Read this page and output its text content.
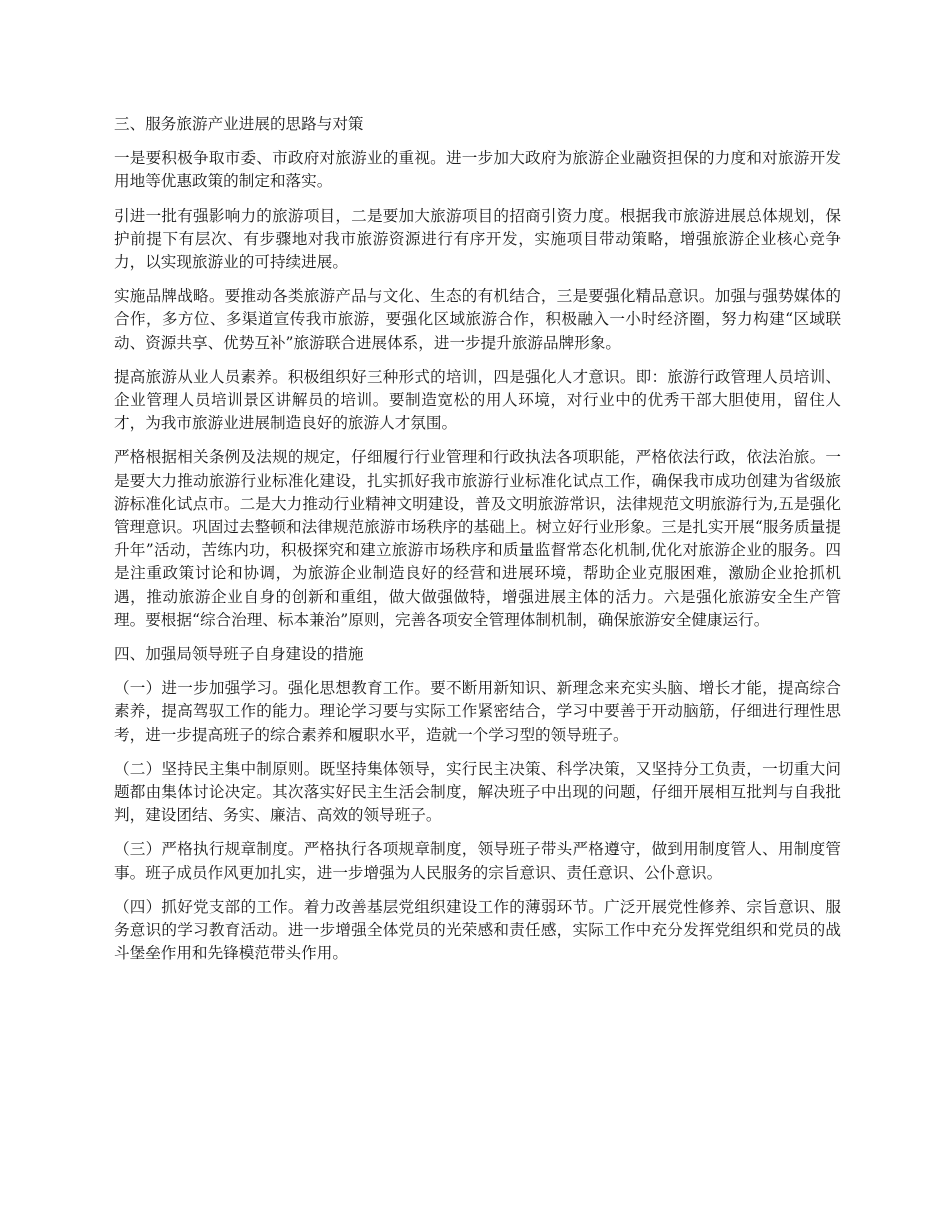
三、服务旅游产业进展的思路与对策

一是要积极争取市委、市政府对旅游业的重视。进一步加大政府为旅游企业融资担保的力度和对旅游开发用地等优惠政策的制定和落实。

引进一批有强影响力的旅游项目，二是要加大旅游项目的招商引资力度。根据我市旅游进展总体规划，保护前提下有层次、有步骤地对我市旅游资源进行有序开发，实施项目带动策略，增强旅游企业核心竞争力，以实现旅游业的可持续进展。

实施品牌战略。要推动各类旅游产品与文化、生态的有机结合，三是要强化精品意识。加强与强势媒体的合作，多方位、多渠道宣传我市旅游，要强化区域旅游合作，积极融入一小时经济圈，努力构建“区域联动、资源共享、优势互补”旅游联合进展体系，进一步提升旅游品牌形象。

提高旅游从业人员素养。积极组织好三种形式的培训，四是强化人才意识。即：旅游行政管理人员培训、企业管理人员培训景区讲解员的培训。要制造宽松的用人环境，对行业中的优秀干部大胆使用，留住人才，为我市旅游业进展制造良好的旅游人才氛围。

严格根据相关条例及法规的规定，仔细履行行业管理和行政执法各项职能，严格依法行政，依法治旅。一是要大力推动旅游行业标准化建设，扎实抓好我市旅游行业标准化试点工作，确保我市成功创建为省级旅游标准化试点市。二是大力推动行业精神文明建设，普及文明旅游常识，法律规范文明旅游行为,五是强化管理意识。巩固过去整顿和法律规范旅游市场秩序的基础上。树立好行业形象。三是扎实开展“服务质量提升年”活动，苦练内功，积极探究和建立旅游市场秩序和质量监督常态化机制,优化对旅游企业的服务。四是注重政策讨论和协调，为旅游企业制造良好的经营和进展环境，帮助企业克服困难，激励企业抢抓机遇，推动旅游企业自身的创新和重组，做大做强做特，增强进展主体的活力。六是强化旅游安全生产管理。要根据“综合治理、标本兼治”原则，完善各项安全管理体制机制，确保旅游安全健康运行。

四、加强局领导班子自身建设的措施

（一）进一步加强学习。强化思想教育工作。要不断用新知识、新理念来充实头脑、增长才能，提高综合素养，提高驾驭工作的能力。理论学习要与实际工作紧密结合，学习中要善于开动脑筋，仔细进行理性思考，进一步提高班子的综合素养和履职水平，造就一个学习型的领导班子。

（二）坚持民主集中制原则。既坚持集体领导，实行民主决策、科学决策，又坚持分工负责，一切重大问题都由集体讨论决定。其次落实好民主生活会制度，解决班子中出现的问题，仔细开展相互批判与自我批判，建设团结、务实、廉洁、高效的领导班子。

（三）严格执行规章制度。严格执行各项规章制度，领导班子带头严格遵守，做到用制度管人、用制度管事。班子成员作风更加扎实，进一步增强为人民服务的宗旨意识、责任意识、公仆意识。

（四）抓好党支部的工作。着力改善基层党组织建设工作的薄弱环节。广泛开展党性修养、宗旨意识、服务意识的学习教育活动。进一步增强全体党员的光荣感和责任感，实际工作中充分发挥党组织和党员的战斗堡垒作用和先锋模范带头作用。
